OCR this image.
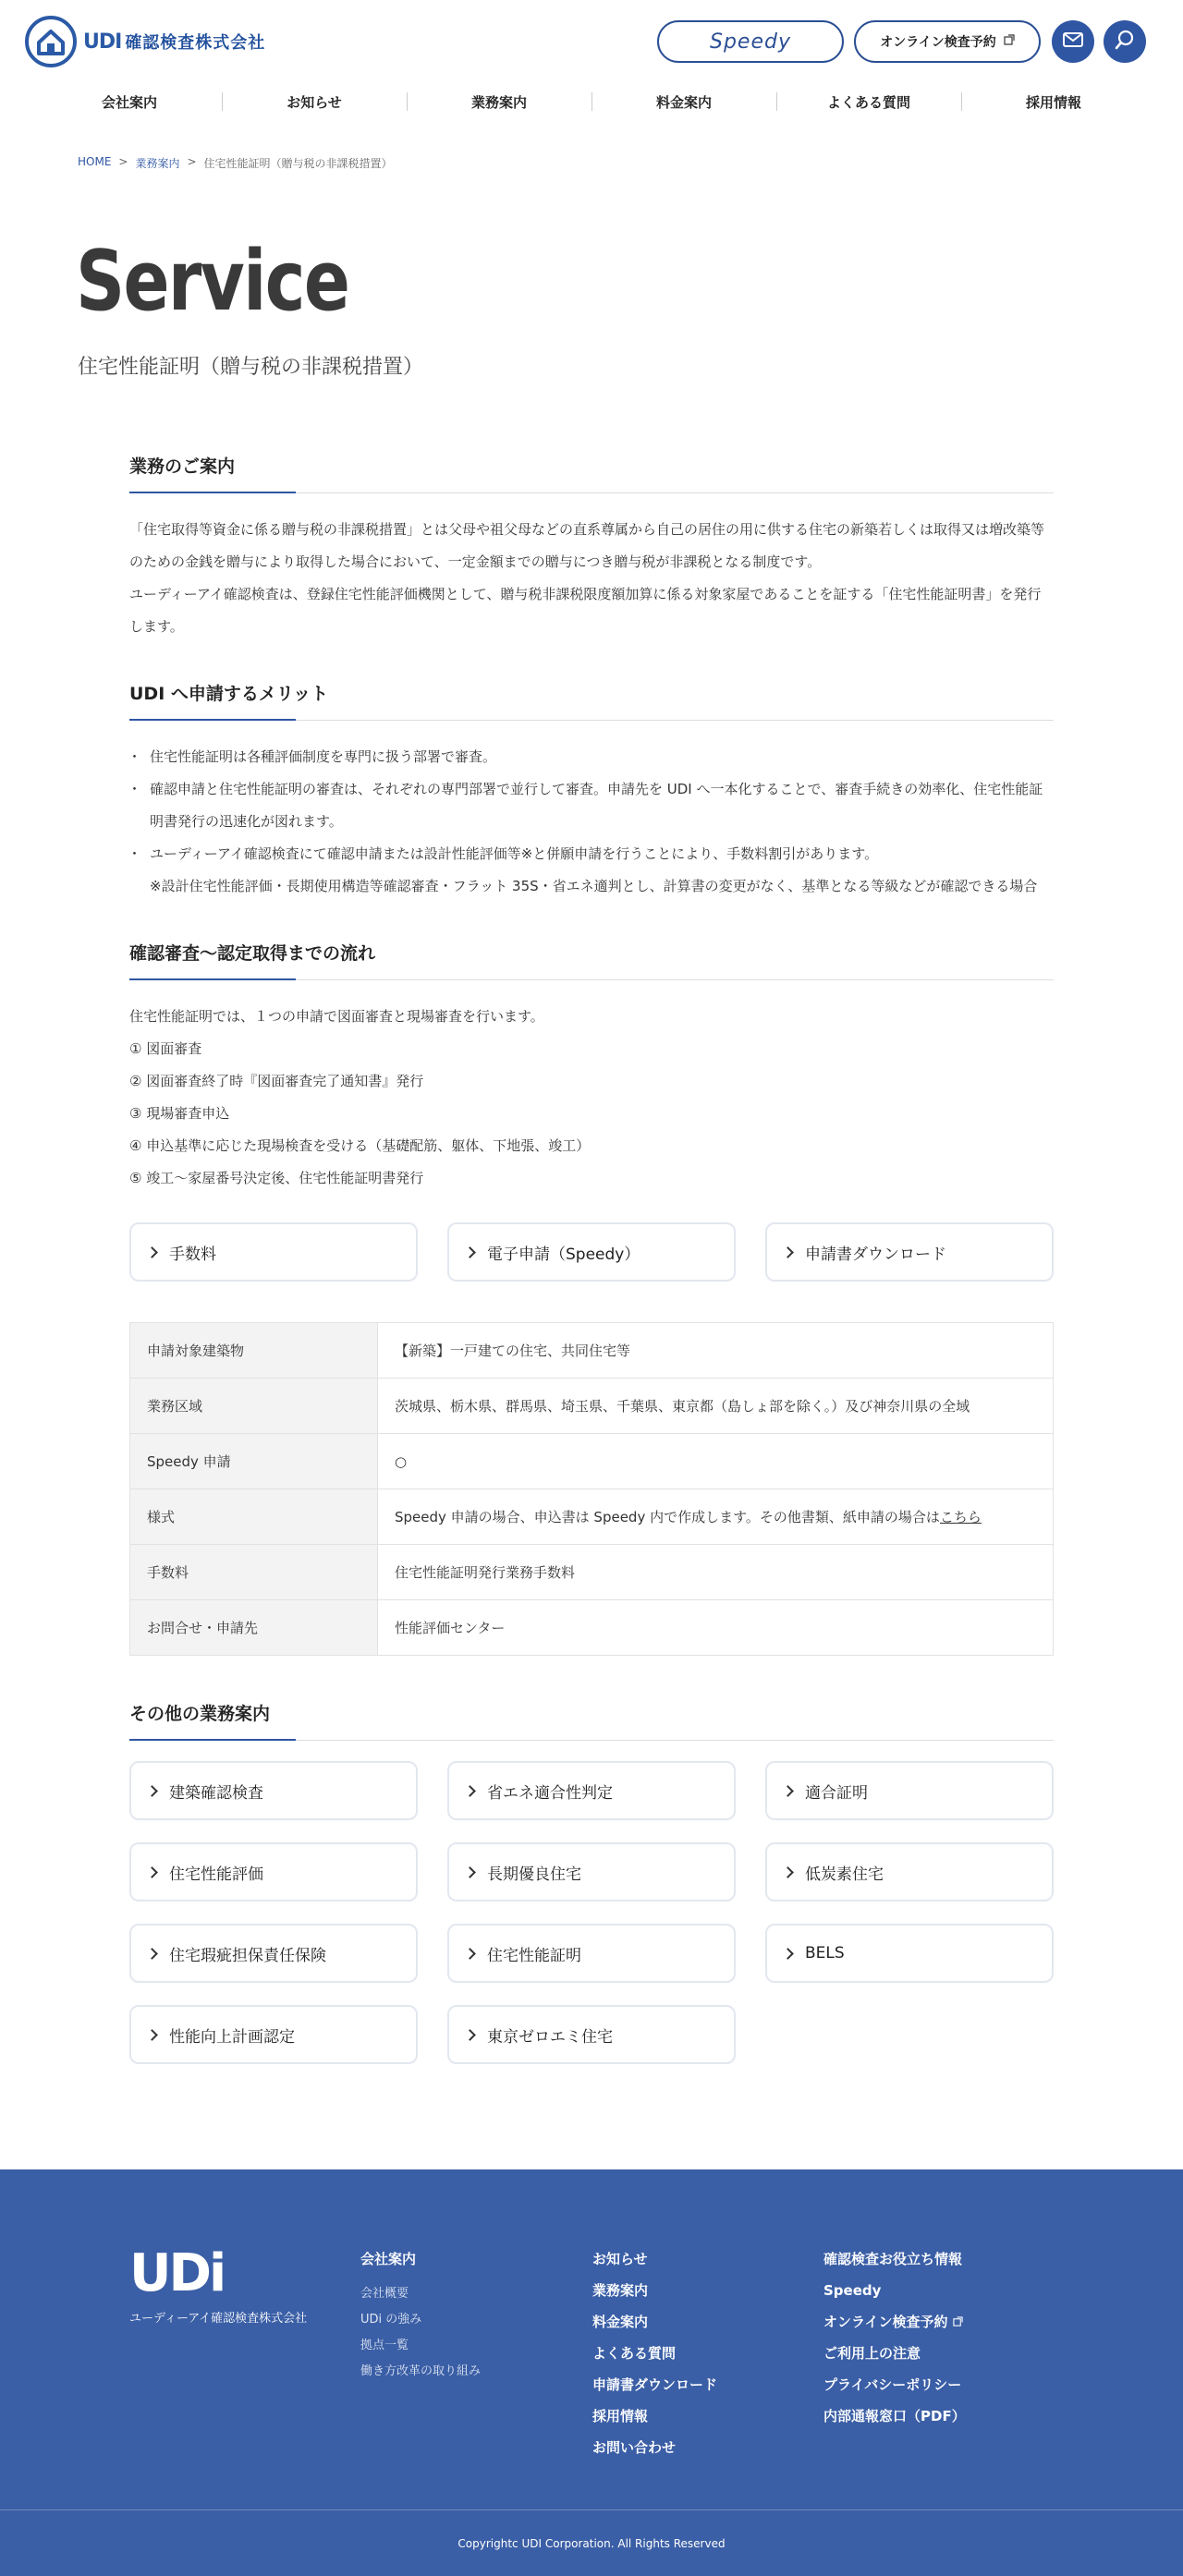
UDI 確認検査株式会社	Speedy	オンライン検査予約
会社案内	お知らせ	業務案内	料金案内	よくある質問	採用情報
HOME > 業務案内 > 住宅性能証明（贈与税の非課税措置）
Service
住宅性能証明（贈与税の非課税措置）
業務のご案内

「住宅取得等資金に係る贈与税の非課税措置」とは父母や祖父母などの直系尊属から自己の居住の用に供する住宅の新築若しくは取得又は増改築等のための金銭を贈与により取得した場合において、一定金額までの贈与につき贈与税が非課税となる制度です。

ユーディーアイ確認検査は、登録住宅性能評価機関として、贈与税非課税限度額加算に係る対象家屋であることを証する「住宅性能証明書」を発行します。

UDI へ申請するメリット
・ 住宅性能証明は各種評価制度を専門に扱う部署で審査。
・ 確認申請と住宅性能証明の審査は、それぞれの専門部署で並行して審査。申請先を UDI へ一本化することで、審査手続きの効率化、住宅性能証明書発行の迅速化が図れます。
・ ユーディーアイ確認検査にて確認申請または設計性能評価等※と併願申請を行うことにより、手数料割引があります。

※設計住宅性能評価・長期使用構造等確認審査・フラット 35S・省エネ適判とし、計算書の変更がなく、基準となる等級などが確認できる場合

確認審査～認定取得までの流れ

住宅性能証明では、１つの申請で図面審査と現場審査を行います。

① 図面審査

② 図面審査終了時『図面審査完了通知書』発行

③ 現場審査申込

④ 申込基準に応じた現場検査を受ける（基礎配筋、躯体、下地張、竣工）

⑤ 竣工～家屋番号決定後、住宅性能証明書発行

手数料	電子申請（Speedy）	申請書ダウンロード
申請対象建築物	【新築】一戸建ての住宅、共同住宅等
業務区域	茨城県、栃木県、群馬県、埼玉県、千葉県、東京都（島しょ部を除く。）及び神奈川県の全域
Speedy 申請	○
様式	Speedy 申請の場合、申込書は Speedy 内で作成します。その他書類、紙申請の場合はこちら
手数料	住宅性能証明発行業務手数料
お問合せ・申請先	性能評価センター
その他の業務案内
建築確認検査	省エネ適合性判定	適合証明
住宅性能評価	長期優良住宅	低炭素住宅
住宅瑕疵担保責任保険	住宅性能証明	BELS
性能向上計画認定	東京ゼロエミ住宅
UDi
ユーディーアイ確認検査株式会社
会社案内
会社概要
UDi の強み
拠点一覧
働き方改革の取り組み
お知らせ
業務案内
料金案内
よくある質問
申請書ダウンロード
採用情報
お問い合わせ
確認検査お役立ち情報
Speedy
オンライン検査予約
ご利用上の注意
プライバシーポリシー
内部通報窓口（PDF）
Copyrightc UDI Corporation. All Rights Reserved
